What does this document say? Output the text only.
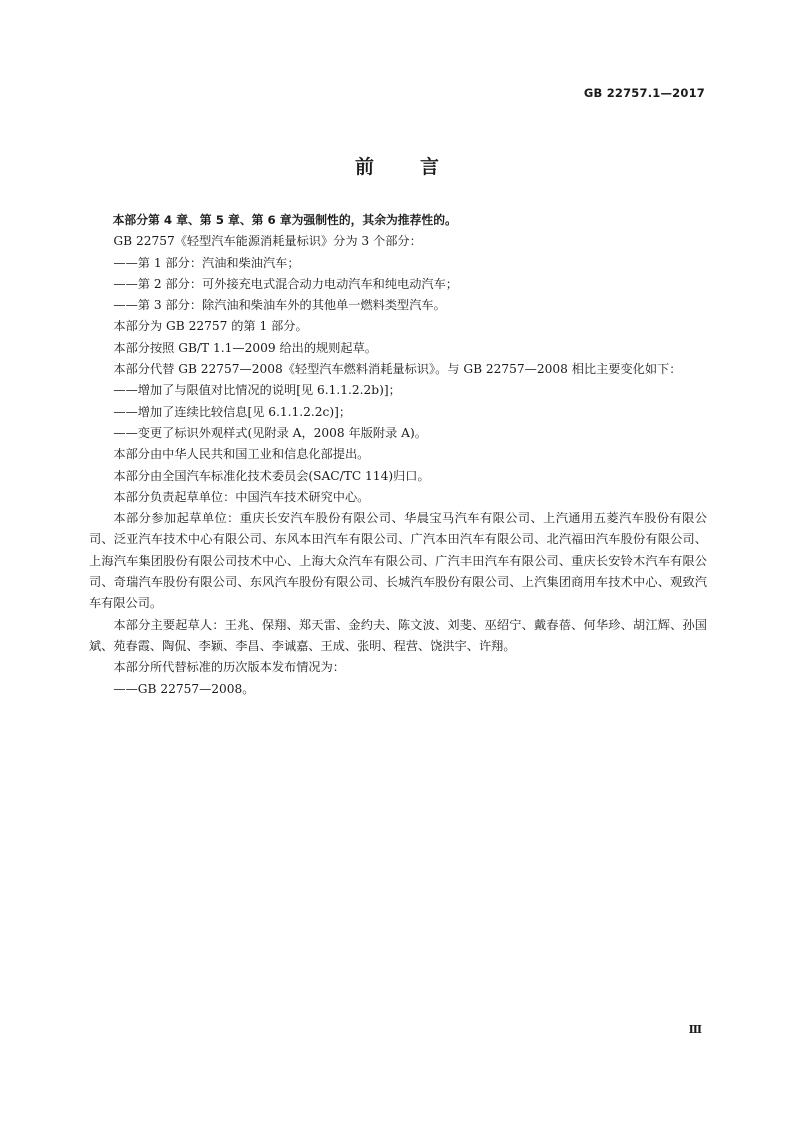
GB 22757.1—2017
前言

本部分第 4 章、第 5 章、第 6 章为强制性的，其余为推荐性的。

GB 22757《轻型汽车能源消耗量标识》分为 3 个部分：

——第 1 部分：汽油和柴油汽车；

——第 2 部分：可外接充电式混合动力电动汽车和纯电动汽车；

——第 3 部分：除汽油和柴油车外的其他单一燃料类型汽车。

本部分为 GB 22757 的第 1 部分。

本部分按照 GB/T 1.1—2009 给出的规则起草。

本部分代替 GB 22757—2008《轻型汽车燃料消耗量标识》。与 GB 22757—2008 相比主要变化如下：

——增加了与限值对比情况的说明[见 6.1.1.2.2b)]；

——增加了连续比较信息[见 6.1.1.2.2c)]；

——变更了标识外观样式(见附录 A，2008 年版附录 A)。

本部分由中华人民共和国工业和信息化部提出。

本部分由全国汽车标准化技术委员会(SAC/TC 114)归口。

本部分负责起草单位：中国汽车技术研究中心。

本部分参加起草单位：重庆长安汽车股份有限公司、华晨宝马汽车有限公司、上汽通用五菱汽车股份有限公司、泛亚汽车技术中心有限公司、东风本田汽车有限公司、广汽本田汽车有限公司、北汽福田汽车股份有限公司、上海汽车集团股份有限公司技术中心、上海大众汽车有限公司、广汽丰田汽车有限公司、重庆长安铃木汽车有限公司、奇瑞汽车股份有限公司、东风汽车股份有限公司、长城汽车股份有限公司、上汽集团商用车技术中心、观致汽车有限公司。

本部分主要起草人：王兆、保翔、郑天雷、金约夫、陈文波、刘斐、巫绍宁、戴春蓓、何华珍、胡江辉、孙国斌、苑春霞、陶侃、李颖、李昌、李诚嘉、王成、张明、程营、饶洪宇、许翔。

本部分所代替标准的历次版本发布情况为：

——GB 22757—2008。

Ⅲ
